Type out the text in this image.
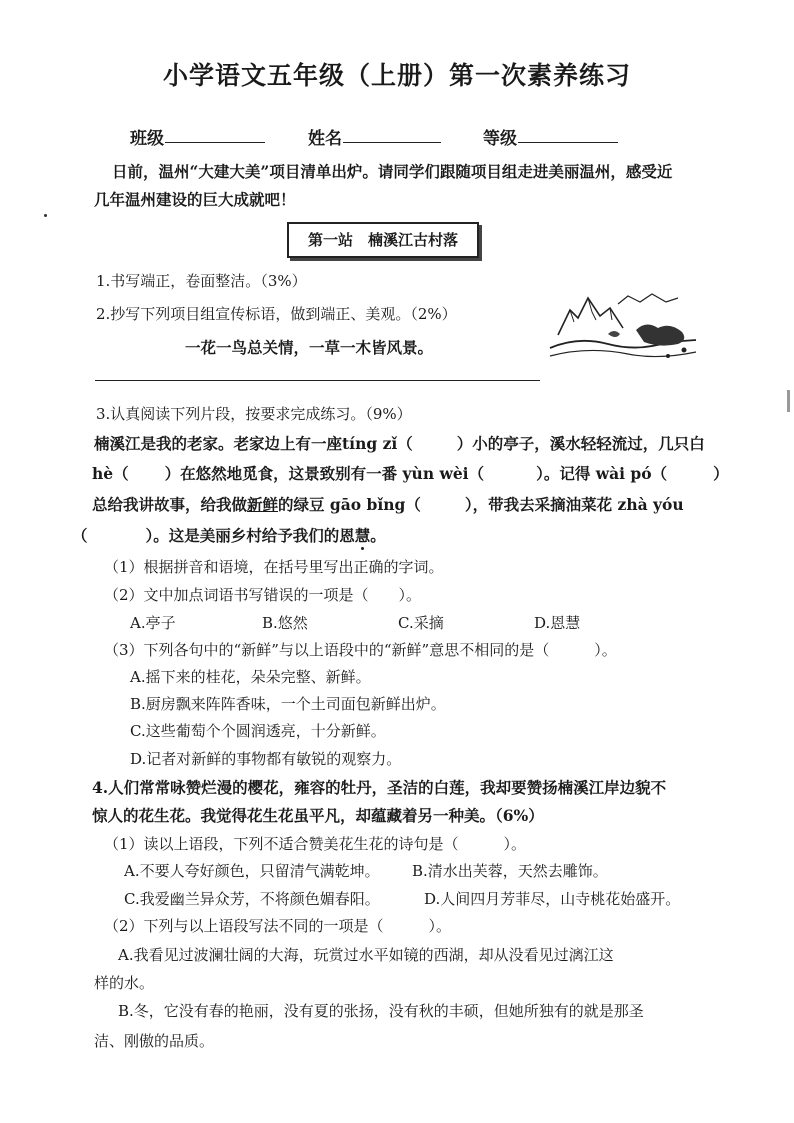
小学语文五年级（上册）第一次素养练习
班级	姓名	等级
日前，温州“大建大美”项目清单出炉。请同学们跟随项目组走进美丽温州，感受近
几年温州建设的巨大成就吧！
第一站　楠溪江古村落
1.书写端正，卷面整洁。（3%）
2.抄写下列项目组宣传标语，做到端正、美观。（2%）
一花一鸟总关情，一草一木皆风景。
3.认真阅读下列片段，按要求完成练习。（9%）
楠溪江是我的老家。老家边上有一座tíng zǐ（	）小的亭子，溪水轻轻流过，几只白
hè（ ）在悠然地觅食，这景致别有一番 yùn wèi（	）。记得 wài pó（	）
总给我讲故事，给我做新鲜的绿豆 gāo bǐng（	），带我去采摘油菜花 zhà yóu
（	）。这是美丽乡村给予我们的恩慧。
（1）根据拼音和语境，在括号里写出正确的字词。
（2）文中加点词语书写错误的一项是（　　）。
A.亭子	B.悠然	C.采摘	D.恩慧
（3）下列各句中的“新鲜”与以上语段中的“新鲜”意思不相同的是（　　　）。
A.摇下来的桂花，朵朵完整、新鲜。
B.厨房飘来阵阵香味，一个土司面包新鲜出炉。
C.这些葡萄个个圆润透亮，十分新鲜。
D.记者对新鲜的事物都有敏锐的观察力。
4.人们常常咏赞烂漫的樱花，雍容的牡丹，圣洁的白莲，我却要赞扬楠溪江岸边貌不
惊人的花生花。我觉得花生花虽平凡，却蕴藏着另一种美。（6%）
（1）读以上语段，下列不适合赞美花生花的诗句是（　　　）。
A.不要人夸好颜色，只留清气满乾坤。 B.清水出芙蓉，天然去雕饰。
C.我爱幽兰异众芳，不将颜色媚春阳。	D.人间四月芳菲尽，山寺桃花始盛开。
（2）下列与以上语段写法不同的一项是（　　　）。
A.我看见过波澜壮阔的大海，玩赏过水平如镜的西湖，却从没看见过漓江这
样的水。
B.冬，它没有春的艳丽，没有夏的张扬，没有秋的丰硕，但她所独有的就是那圣
洁、刚傲的品质。
